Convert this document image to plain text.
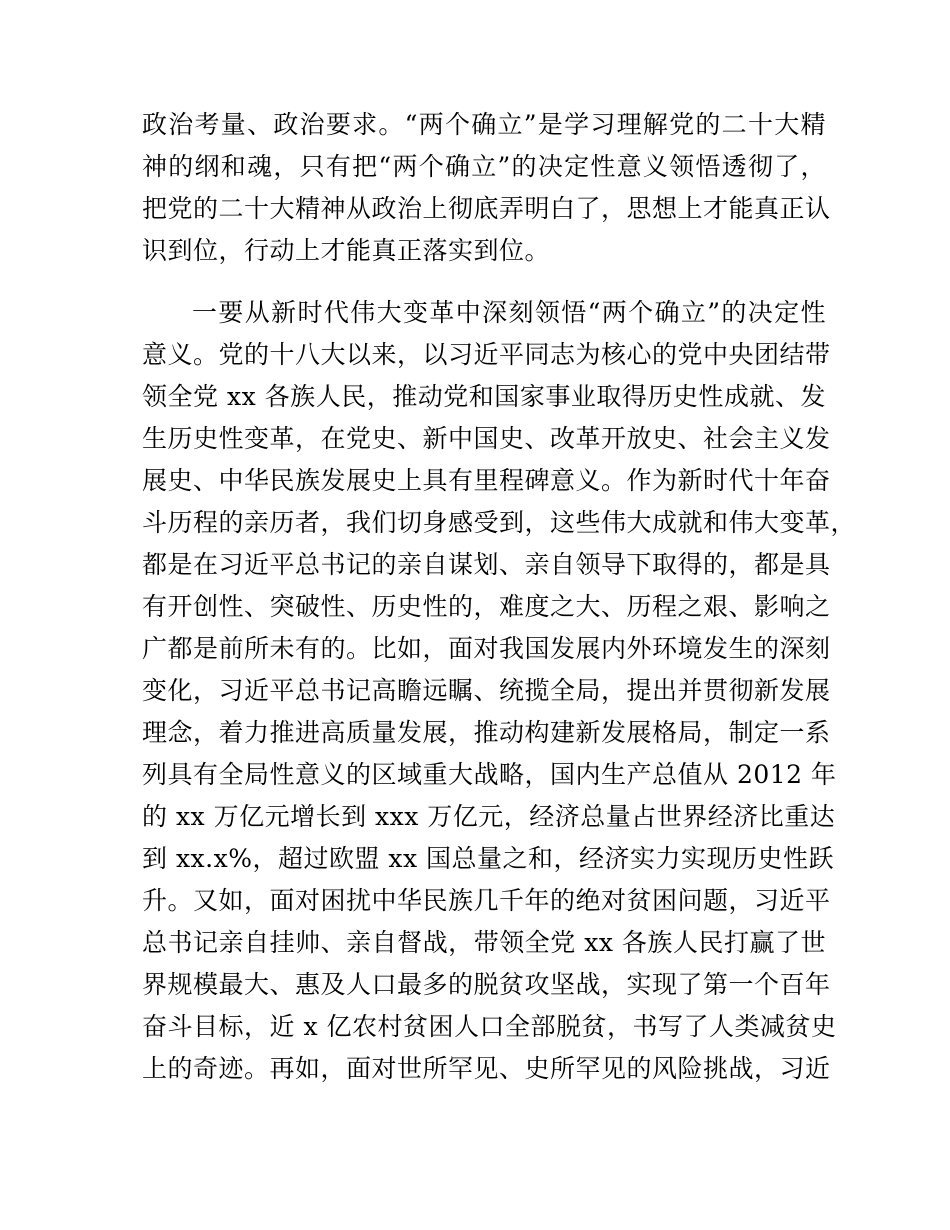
政治考量、政治要求。“两个确立”是学习理解党的二十大精
神的纲和魂，只有把“两个确立”的决定性意义领悟透彻了，
把党的二十大精神从政治上彻底弄明白了，思想上才能真正认
识到位，行动上才能真正落实到位。
一要从新时代伟大变革中深刻领悟“两个确立”的决定性
意义。党的十八大以来，以习近平同志为核心的党中央团结带
领全党 xx 各族人民，推动党和国家事业取得历史性成就、发
生历史性变革，在党史、新中国史、改革开放史、社会主义发
展史、中华民族发展史上具有里程碑意义。作为新时代十年奋
斗历程的亲历者，我们切身感受到，这些伟大成就和伟大变革，
都是在习近平总书记的亲自谋划、亲自领导下取得的，都是具
有开创性、突破性、历史性的，难度之大、历程之艰、影响之
广都是前所未有的。比如，面对我国发展内外环境发生的深刻
变化，习近平总书记高瞻远瞩、统揽全局，提出并贯彻新发展
理念，着力推进高质量发展，推动构建新发展格局，制定一系
列具有全局性意义的区域重大战略，国内生产总值从 2012 年
的 xx 万亿元增长到 xxx 万亿元，经济总量占世界经济比重达
到 xx.x%，超过欧盟 xx 国总量之和，经济实力实现历史性跃
升。又如，面对困扰中华民族几千年的绝对贫困问题，习近平
总书记亲自挂帅、亲自督战，带领全党 xx 各族人民打赢了世
界规模最大、惠及人口最多的脱贫攻坚战，实现了第一个百年
奋斗目标，近 x 亿农村贫困人口全部脱贫，书写了人类减贫史
上的奇迹。再如，面对世所罕见、史所罕见的风险挑战，习近
